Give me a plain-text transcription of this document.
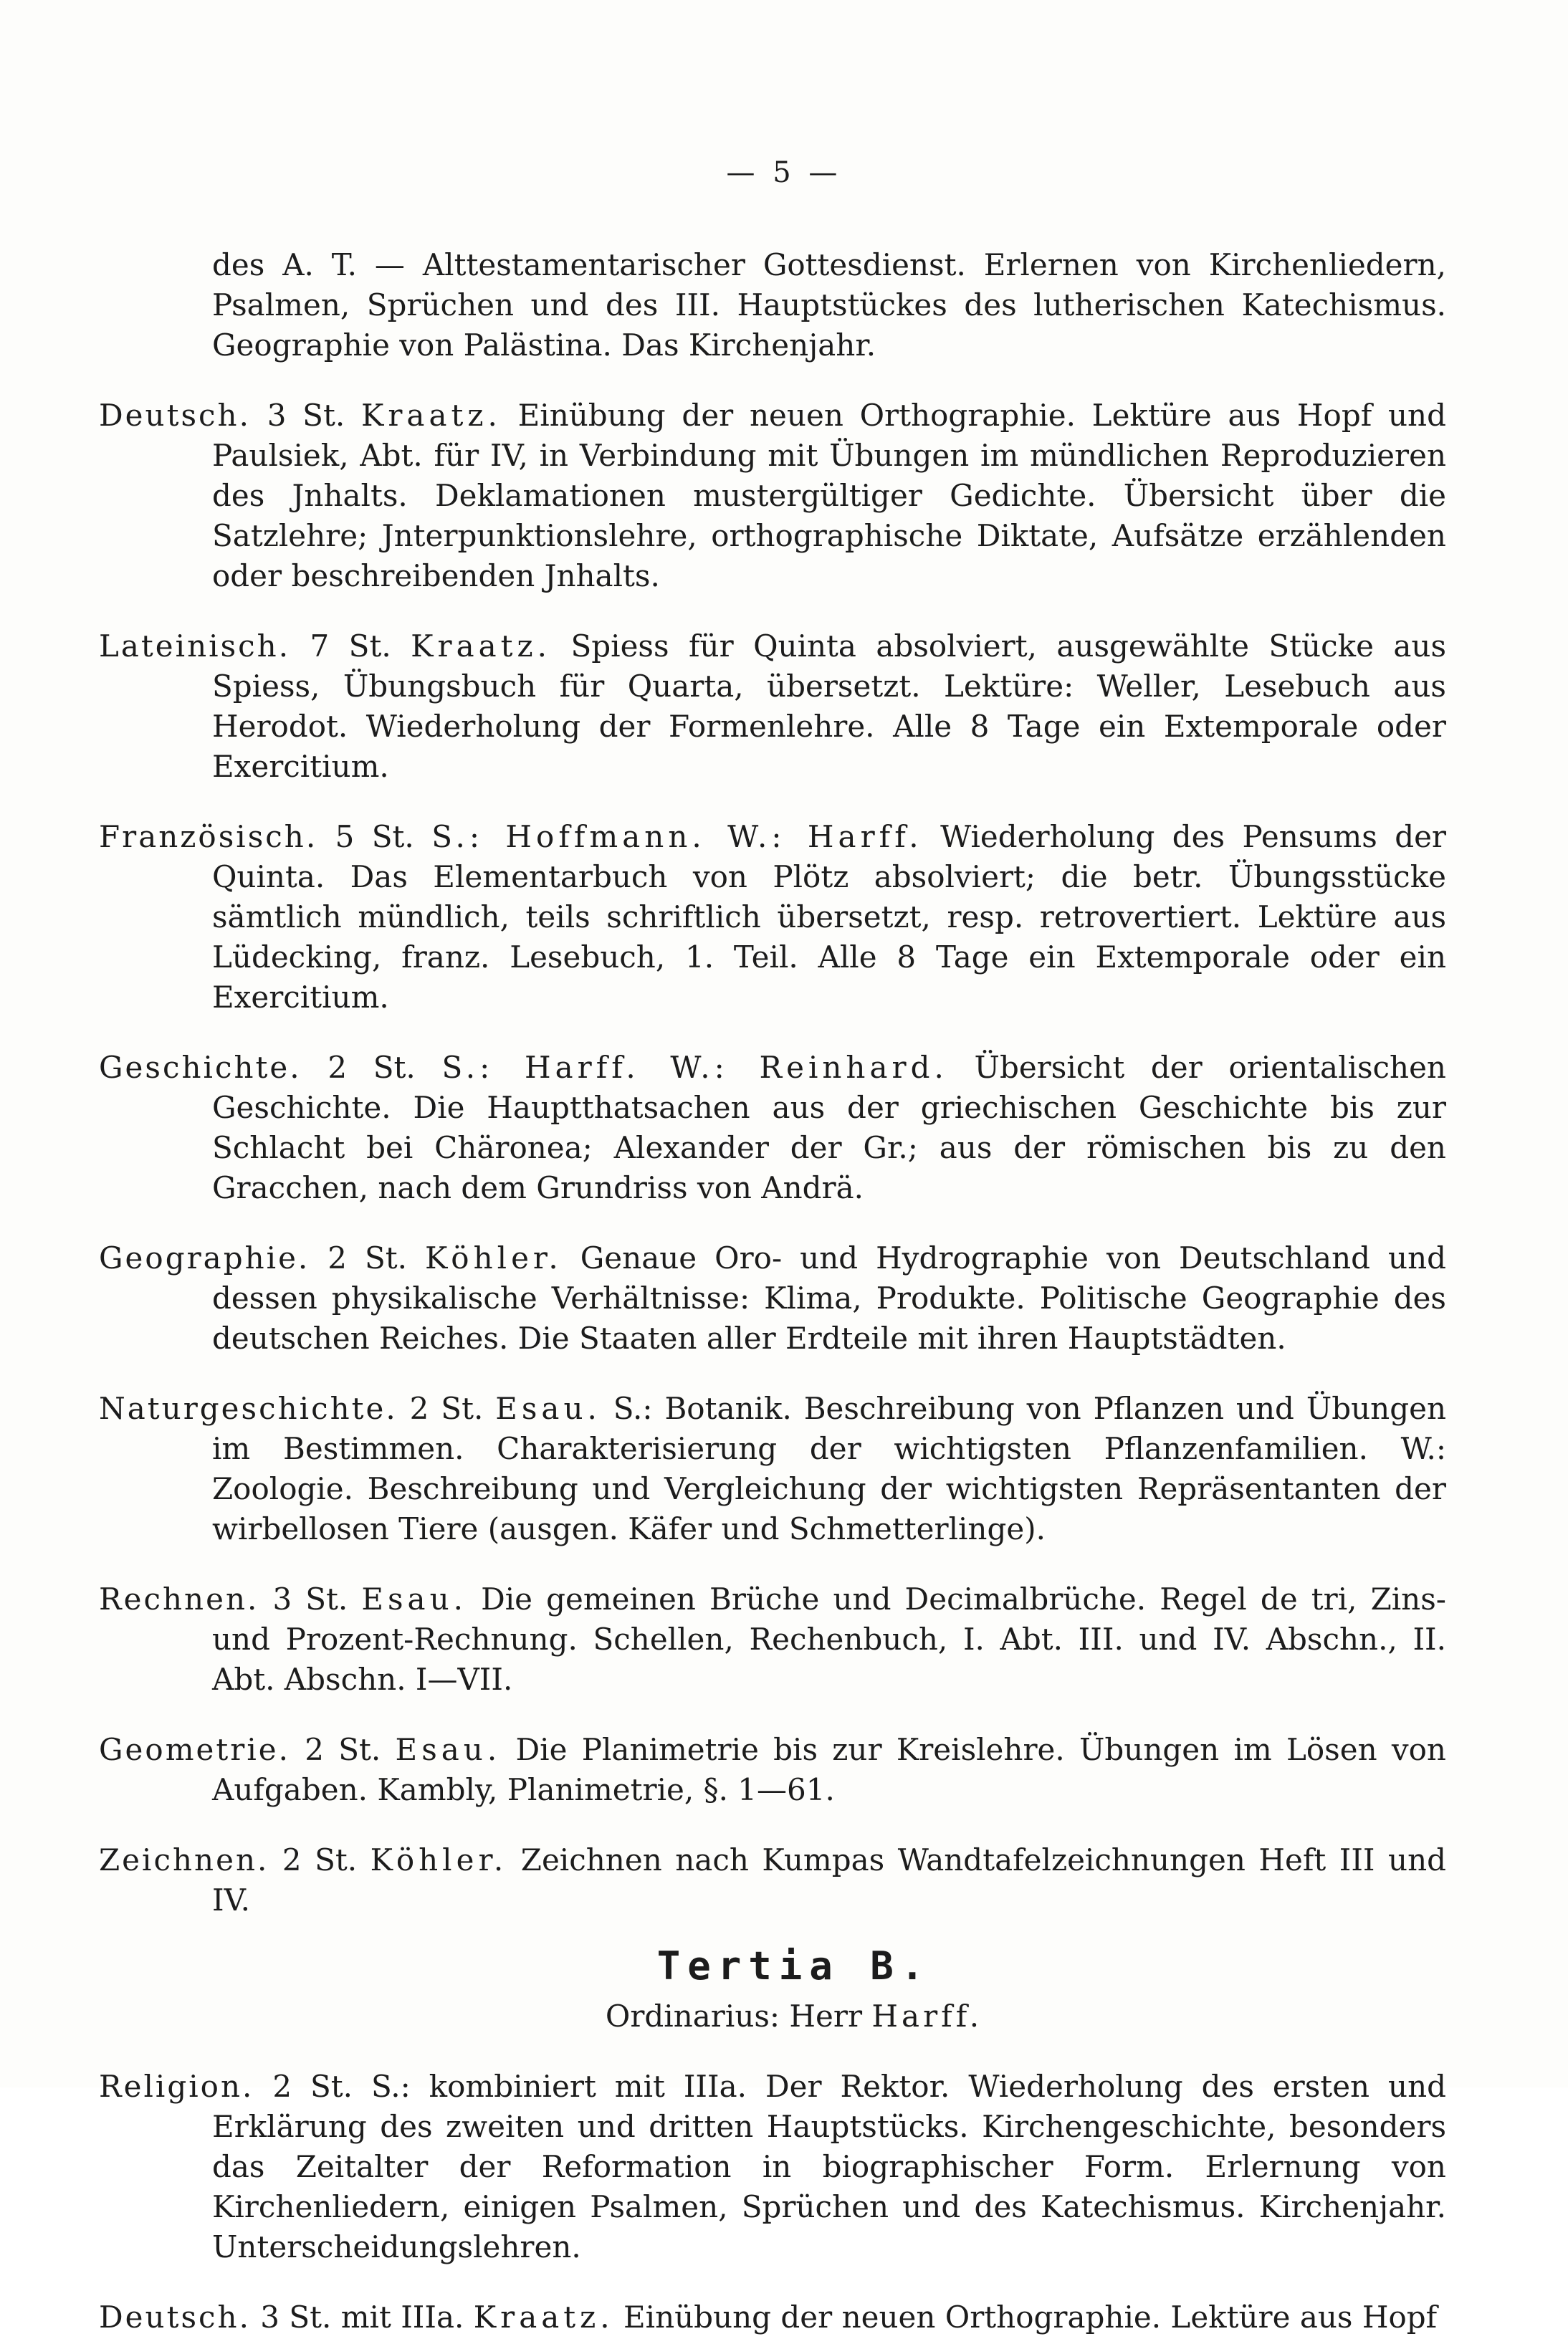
— 5 —

des A. T. — Alttestamentarischer Gottesdienst. Erlernen von Kirchenliedern, Psalmen, Sprüchen und des III. Hauptstückes des lutherischen Katechismus. Geographie von Palästina. Das Kirchenjahr.

Deutsch. 3 St. Kraatz. Einübung der neuen Orthographie. Lektüre aus Hopf und Paulsiek, Abt. für IV, in Verbindung mit Übungen im mündlichen Reproduzieren des Jnhalts. Deklamationen mustergültiger Gedichte. Übersicht über die Satzlehre; Jnterpunktionslehre, orthographische Diktate, Aufsätze erzählenden oder beschreibenden Jnhalts.

Lateinisch. 7 St. Kraatz. Spiess für Quinta absolviert, ausgewählte Stücke aus Spiess, Übungsbuch für Quarta, übersetzt. Lektüre: Weller, Lesebuch aus Herodot. Wiederholung der Formenlehre. Alle 8 Tage ein Extemporale oder Exercitium.

Französisch. 5 St. S.: Hoffmann. W.: Harff. Wiederholung des Pensums der Quinta. Das Elementarbuch von Plötz absolviert; die betr. Übungsstücke sämtlich mündlich, teils schriftlich übersetzt, resp. retrovertiert. Lektüre aus Lüdecking, franz. Lesebuch, 1. Teil. Alle 8 Tage ein Extemporale oder ein Exercitium.

Geschichte. 2 St. S.: Harff. W.: Reinhard. Übersicht der orientalischen Geschichte. Die Hauptthatsachen aus der griechischen Geschichte bis zur Schlacht bei Chäronea; Alexander der Gr.; aus der römischen bis zu den Gracchen, nach dem Grundriss von Andrä.

Geographie. 2 St. Köhler. Genaue Oro- und Hydrographie von Deutschland und dessen physikalische Verhältnisse: Klima, Produkte. Politische Geographie des deutschen Reiches. Die Staaten aller Erdteile mit ihren Hauptstädten.

Naturgeschichte. 2 St. Esau. S.: Botanik. Beschreibung von Pflanzen und Übungen im Bestimmen. Charakterisierung der wichtigsten Pflanzenfamilien. W.: Zoologie. Beschreibung und Vergleichung der wichtigsten Repräsentanten der wirbellosen Tiere (ausgen. Käfer und Schmetterlinge).

Rechnen. 3 St. Esau. Die gemeinen Brüche und Decimalbrüche. Regel de tri, Zins- und Prozent-Rechnung. Schellen, Rechenbuch, I. Abt. III. und IV. Abschn., II. Abt. Abschn. I—VII.

Geometrie. 2 St. Esau. Die Planimetrie bis zur Kreislehre. Übungen im Lösen von Aufgaben. Kambly, Planimetrie, §. 1—61.

Zeichnen. 2 St. Köhler. Zeichnen nach Kumpas Wandtafelzeichnungen Heft III und IV.

Tertia B.
Ordinarius: Herr Harff.

Religion. 2 St. S.: kombiniert mit IIIa. Der Rektor. Wiederholung des ersten und Erklärung des zweiten und dritten Hauptstücks. Kirchengeschichte, besonders das Zeitalter der Reformation in biographischer Form. Erlernung von Kirchenliedern, einigen Psalmen, Sprüchen und des Katechismus. Kirchenjahr. Unterscheidungslehren.

Deutsch. 3 St. mit IIIa. Kraatz. Einübung der neuen Orthographie. Lektüre aus Hopf
